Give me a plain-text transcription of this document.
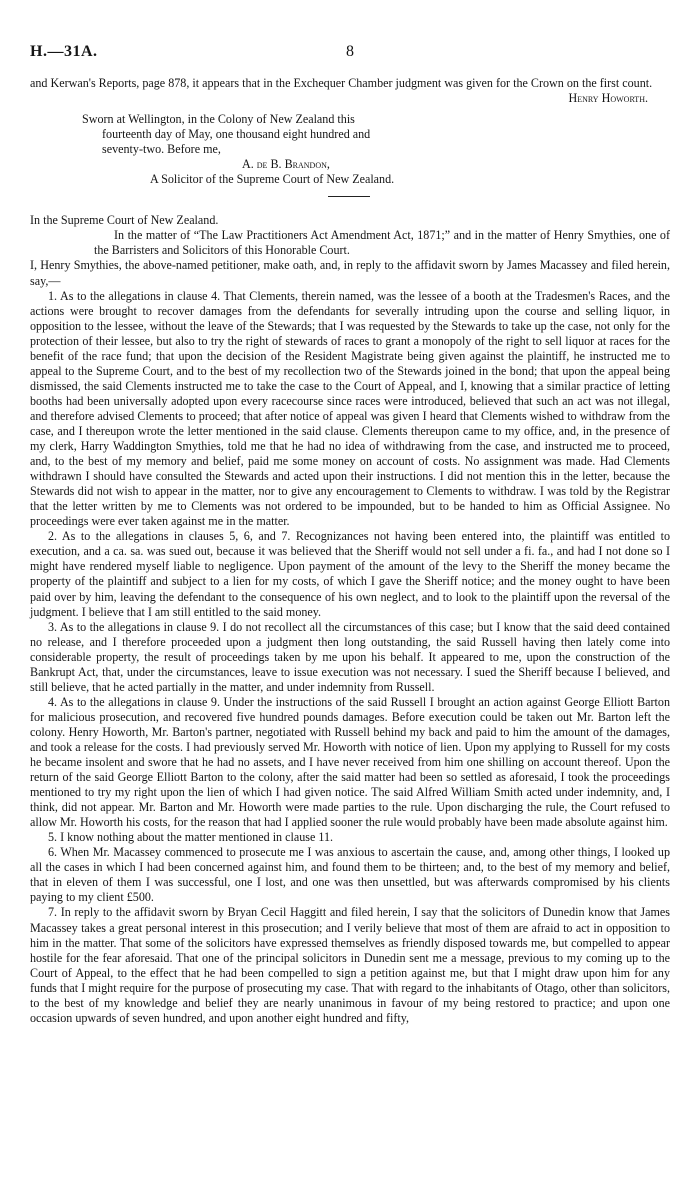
H.—31A.	8

and Kerwan's Reports, page 878, it appears that in the Exchequer Chamber judgment was given for the Crown on the first count.

Henry Howorth.

Sworn at Wellington, in the Colony of New Zealand this
fourteenth day of May, one thousand eight hundred and
seventy-two. Before me,
A. de B. Brandon,
A Solicitor of the Supreme Court of New Zealand.

In the Supreme Court of New Zealand.

In the matter of “The Law Practitioners Act Amendment Act, 1871;” and in the matter of Henry Smythies, one of the Barristers and Solicitors of this Honorable Court.

I, Henry Smythies, the above-named petitioner, make oath, and, in reply to the affidavit sworn by James Macassey and filed herein, say,—

1. As to the allegations in clause 4. That Clements, therein named, was the lessee of a booth at the Tradesmen's Races, and the actions were brought to recover damages from the defendants for severally intruding upon the course and selling liquor, in opposition to the lessee, without the leave of the Stewards; that I was requested by the Stewards to take up the case, not only for the protection of their lessee, but also to try the right of stewards of races to grant a monopoly of the right to sell liquor at races for the benefit of the race fund; that upon the decision of the Resident Magistrate being given against the plaintiff, he instructed me to appeal to the Supreme Court, and to the best of my recollection two of the Stewards joined in the bond; that upon the appeal being dismissed, the said Clements instructed me to take the case to the Court of Appeal, and I, knowing that a similar practice of letting booths had been universally adopted upon every racecourse since races were introduced, believed that such an act was not illegal, and therefore advised Clements to proceed; that after notice of appeal was given I heard that Clements wished to withdraw from the case, and I thereupon wrote the letter mentioned in the said clause. Clements thereupon came to my office, and, in the presence of my clerk, Harry Waddington Smythies, told me that he had no idea of withdrawing from the case, and instructed me to proceed, and, to the best of my memory and belief, paid me some money on account of costs. No assignment was made. Had Clements withdrawn I should have consulted the Stewards and acted upon their instructions. I did not mention this in the letter, because the Stewards did not wish to appear in the matter, nor to give any encouragement to Clements to withdraw. I was told by the Registrar that the letter written by me to Clements was not ordered to be impounded, but to be handed to him as Official Assignee. No proceedings were ever taken against me in the matter.

2. As to the allegations in clauses 5, 6, and 7. Recognizances not having been entered into, the plaintiff was entitled to execution, and a ca. sa. was sued out, because it was believed that the Sheriff would not sell under a fi. fa., and had I not done so I might have rendered myself liable to negligence. Upon payment of the amount of the levy to the Sheriff the money became the property of the plaintiff and subject to a lien for my costs, of which I gave the Sheriff notice; and the money ought to have been paid over by him, leaving the defendant to the consequence of his own neglect, and to look to the plaintiff upon the reversal of the judgment. I believe that I am still entitled to the said money.

3. As to the allegations in clause 9. I do not recollect all the circumstances of this case; but I know that the said deed contained no release, and I therefore proceeded upon a judgment then long outstanding, the said Russell having then lately come into considerable property, the result of proceedings taken by me upon his behalf. It appeared to me, upon the construction of the Bankrupt Act, that, under the circumstances, leave to issue execution was not necessary. I sued the Sheriff because I believed, and still believe, that he acted partially in the matter, and under indemnity from Russell.

4. As to the allegations in clause 9. Under the instructions of the said Russell I brought an action against George Elliott Barton for malicious prosecution, and recovered five hundred pounds damages. Before execution could be taken out Mr. Barton left the colony. Henry Howorth, Mr. Barton's partner, negotiated with Russell behind my back and paid to him the amount of the damages, and took a release for the costs. I had previously served Mr. Howorth with notice of lien. Upon my applying to Russell for my costs he became insolent and swore that he had no assets, and I have never received from him one shilling on account thereof. Upon the return of the said George Elliott Barton to the colony, after the said matter had been so settled as aforesaid, I took the proceedings mentioned to try my right upon the lien of which I had given notice. The said Alfred William Smith acted under indemnity, and, I think, did not appear. Mr. Barton and Mr. Howorth were made parties to the rule. Upon discharging the rule, the Court refused to allow Mr. Howorth his costs, for the reason that had I applied sooner the rule would probably have been made absolute against him.

5. I know nothing about the matter mentioned in clause 11.

6. When Mr. Macassey commenced to prosecute me I was anxious to ascertain the cause, and, among other things, I looked up all the cases in which I had been concerned against him, and found them to be thirteen; and, to the best of my memory and belief, that in eleven of them I was successful, one I lost, and one was then unsettled, but was afterwards compromised by his clients paying to my client £500.

7. In reply to the affidavit sworn by Bryan Cecil Haggitt and filed herein, I say that the solicitors of Dunedin know that James Macassey takes a great personal interest in this prosecution; and I verily believe that most of them are afraid to act in opposition to him in the matter. That some of the solicitors have expressed themselves as friendly disposed towards me, but compelled to appear hostile for the fear aforesaid. That one of the principal solicitors in Dunedin sent me a message, previous to my coming up to the Court of Appeal, to the effect that he had been compelled to sign a petition against me, but that I might draw upon him for any funds that I might require for the purpose of prosecuting my case. That with regard to the inhabitants of Otago, other than solicitors, to the best of my knowledge and belief they are nearly unanimous in favour of my being restored to practice; and upon one occasion upwards of seven hundred, and upon another eight hundred and fifty,
